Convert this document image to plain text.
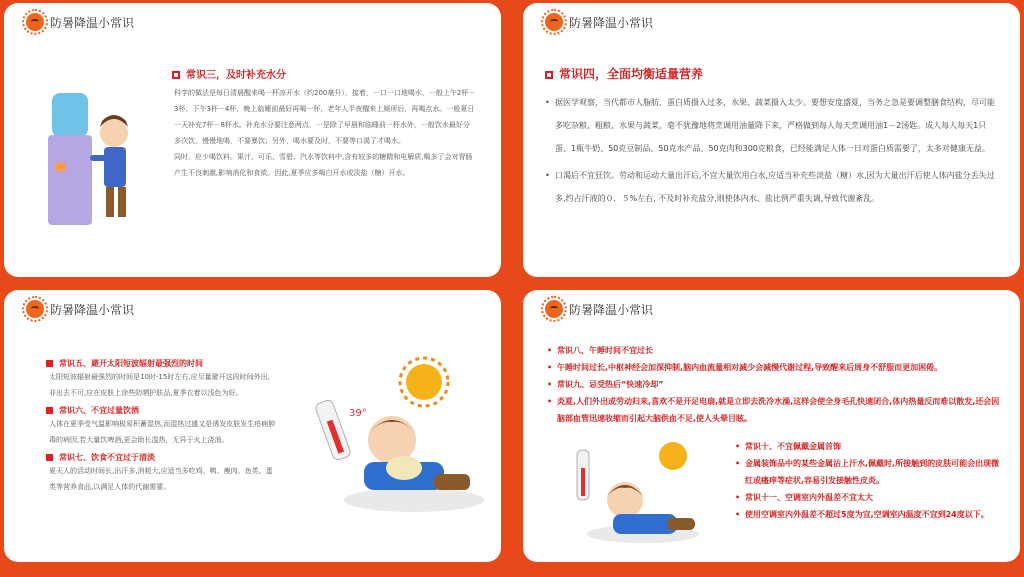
防暑降温小常识
常识三，及时补充水分

科学的做法是每日清晨醒来喝一杯凉开水（约200毫升），接着，一口一口地喝水，一般上午2杯－3杯，下午3杯－4杯，晚上临睡前最好再喝一杯，老年人半夜醒来上厕所后，再喝点水。一般夏日一天补充7杯－8杯水。补充水分要注意两点，一是除了早晨和临睡前一杯水外，一般饮水最好分多次饮，慢慢地喝，不要暴饮；另外，喝水要及时，不要等口渴了才喝水。

同时，应少喝饮料。果汁、可乐、雪碧、汽水等饮料中,含有较多的糖精和电解质,喝多了会对胃肠产生不良刺激,影响消化和食欲。因此,夏季应多喝白开水或淡盐（糖）开水。

防暑降温小常识
常识四，全面均衡适量营养
• 据医学观察，当代都市人脂肪、蛋白质摄入过多，水果、蔬菜摄入太少。要想安度盛夏，当务之急是要调整膳食结构，尽可能多吃杂粮、粗粮、水果与蔬菜，毫不犹豫地将烹调用油量降下来，严格做到每人每天烹调用油1－2汤匙。成人每人每天1只蛋、1瓶牛奶、50克豆制品、50克水产品、50克肉和300克粮食，已经能满足人体一日对蛋白质需要了，太多对健康无益。
• 口渴后不宜狂饮。劳动和运动大量出汗后,不宜大量饮用白水,应适当补充些淡盐（糖）水,因为大量出汗后使人体内盐分丢失过多,约占汗液的０．５%左右, 不及时补充盐分,则使体内水、盐比例严重失调,导致代谢紊乱。
防暑降温小常识
常识五、避开太阳短波辐射最强烈的时间

太阳短波辐射最强烈的时间是10时-15时左右,应尽量避开这段时间外出,非出去不可,应在皮肤上涂些防晒护肤品,夏季衣着以浅色为好。

常识六、不宜过量饮酒

人体在夏季受气温影响极易积蓄湿热,而湿热过盛又是诱发皮肤发生疮痈肿毒的病因,若大量饮啤酒,更会助长湿热，无异于火上浇油。

常识七、饮食不宜过于清淡

夏天人的活动时间长,出汗多,消耗大,应适当多吃鸡、鸭、瘦肉、鱼类、蛋类等营养食品,以满足人体的代谢需要。

39°
防暑降温小常识
• 常识八、午睡时间不宜过长
• 午睡时间过长,中枢神经会加深抑制,脑内血流量相对减少会减慢代谢过程,导致醒来后周身不舒服而更加困倦。
• 常识九、忌受热后“快速冷却”
• 炎夏,人们外出或劳动归来,喜欢不是开足电扇,就是立即去洗冷水澡,这样会使全身毛孔快速闭合,体内热量反而难以散发,还会因脑部血管迅速收缩而引起大脑供血不足,使人头晕目眩。
• 常识十、不宜佩戴金属首饰
• 金属装饰品中的某些金属沾上汗水,佩戴时,所接触到的皮肤可能会出现微红或瘙痒等症状,容易引发接触性皮炎。
• 常识十一、空调室内外温差不宜太大
• 使用空调室内外温差不超过5度为宜,空调室内温度不宜到24度以下。
